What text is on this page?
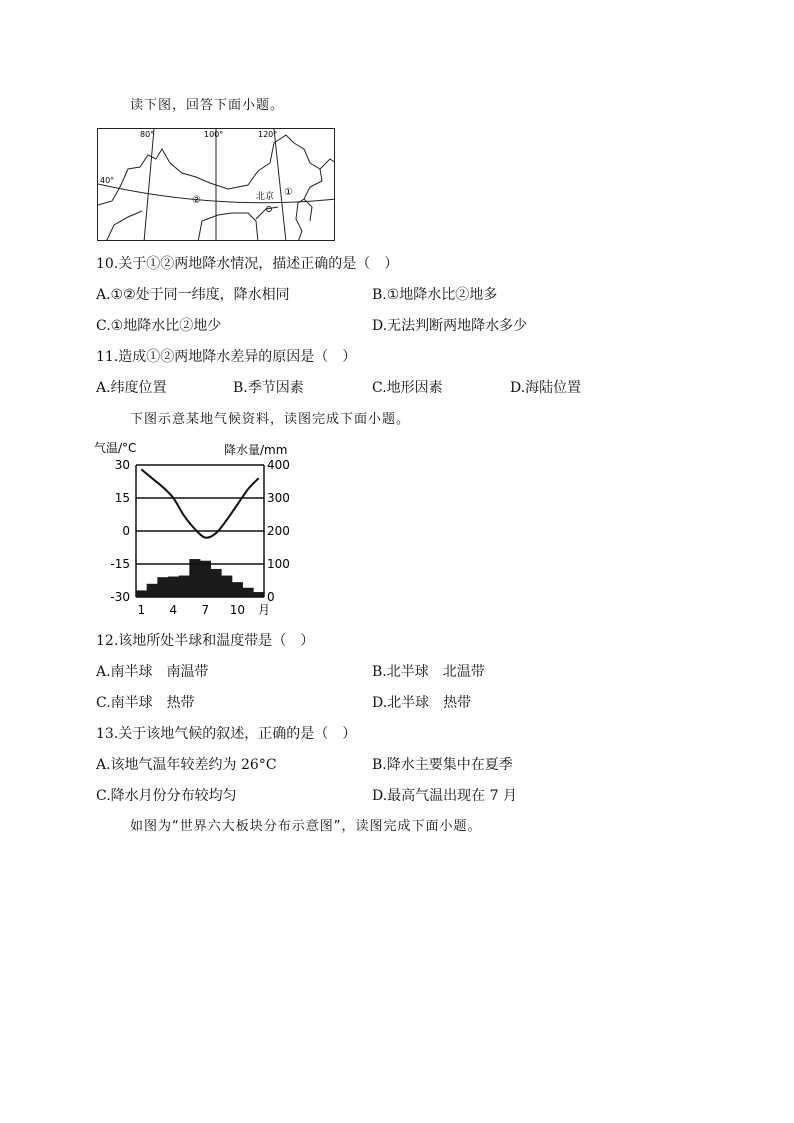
读下图，回答下面小题。
80°	100°	120°
40°
②
①
北京
10.关于①②两地降水情况，描述正确的是（　）
A.①②处于同一纬度，降水相同	B.①地降水比②地多
C.①地降水比②地少	D.无法判断两地降水多少
11.造成①②两地降水差异的原因是（　）
A.纬度位置	B.季节因素	C.地形因素	D.海陆位置
下图示意某地气候资料，读图完成下面小题。
气温/°C	降水量/mm
30
15
0
-15
-30
400
300
200
100
0
1 4 7 10 月
12.该地所处半球和温度带是（　）
A.南半球　南温带	B.北半球　北温带
C.南半球　热带	D.北半球　热带
13.关于该地气候的叙述，正确的是（　）
A.该地气温年较差约为 26°C	B.降水主要集中在夏季
C.降水月份分布较均匀	D.最高气温出现在 7 月
如图为“世界六大板块分布示意图”，读图完成下面小题。
